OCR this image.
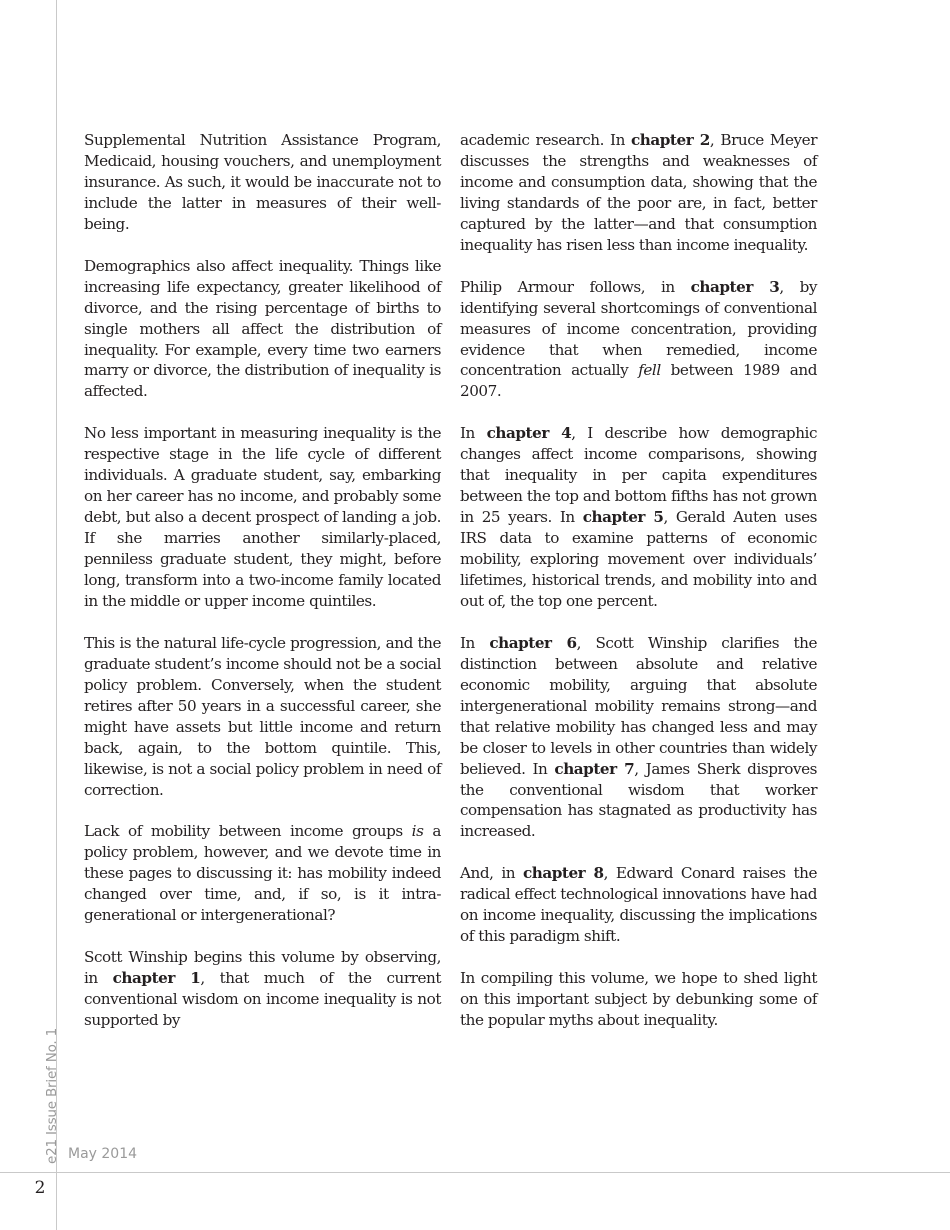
e21 Issue Brief No. 1 May 2014
2

Supplemental Nutrition Assistance Program, Medicaid, housing vouchers, and unemployment insurance. As such, it would be inaccurate not to include the latter in measures of their well-being.

Demographics also affect inequality. Things like increasing life expectancy, greater likelihood of divorce, and the rising percentage of births to single mothers all affect the distribution of inequality. For example, every time two earners marry or divorce, the distribution of inequality is affected.

No less important in measuring inequality is the respective stage in the life cycle of different individuals. A graduate student, say, embarking on her career has no income, and probably some debt, but also a decent prospect of landing a job. If she marries another similarly-placed, penniless graduate student, they might, before long, transform into a two-income family located in the middle or upper income quintiles.

This is the natural life-cycle progression, and the graduate student’s income should not be a social policy problem. Conversely, when the student retires after 50 years in a successful career, she might have assets but little income and return back, again, to the bottom quintile. This, likewise, is not a social policy problem in need of correction.

Lack of mobility between income groups is a policy problem, however, and we devote time in these pages to discussing it: has mobility indeed changed over time, and, if so, is it intra-generational or intergenerational?

Scott Winship begins this volume by observing, in chapter 1, that much of the current conventional wisdom on income inequality is not supported by

academic research. In chapter 2, Bruce Meyer discusses the strengths and weaknesses of income and consumption data, showing that the living standards of the poor are, in fact, better captured by the latter—and that consumption inequality has risen less than income inequality.

Philip Armour follows, in chapter 3, by identifying several shortcomings of conventional measures of income concentration, providing evidence that when remedied, income concentration actually fell between 1989 and 2007.

In chapter 4, I describe how demographic changes affect income comparisons, showing that inequality in per capita expenditures between the top and bottom fifths has not grown in 25 years. In chapter 5, Gerald Auten uses IRS data to examine patterns of economic mobility, exploring movement over individuals’ lifetimes, historical trends, and mobility into and out of, the top one percent.

In chapter 6, Scott Winship clarifies the distinction between absolute and relative economic mobility, arguing that absolute intergenerational mobility remains strong—and that relative mobility has changed less and may be closer to levels in other countries than widely believed. In chapter 7, James Sherk disproves the conventional wisdom that worker compensation has stagnated as productivity has increased.

And, in chapter 8, Edward Conard raises the radical effect technological innovations have had on income inequality, discussing the implications of this paradigm shift.

In compiling this volume, we hope to shed light on this important subject by debunking some of the popular myths about inequality.
